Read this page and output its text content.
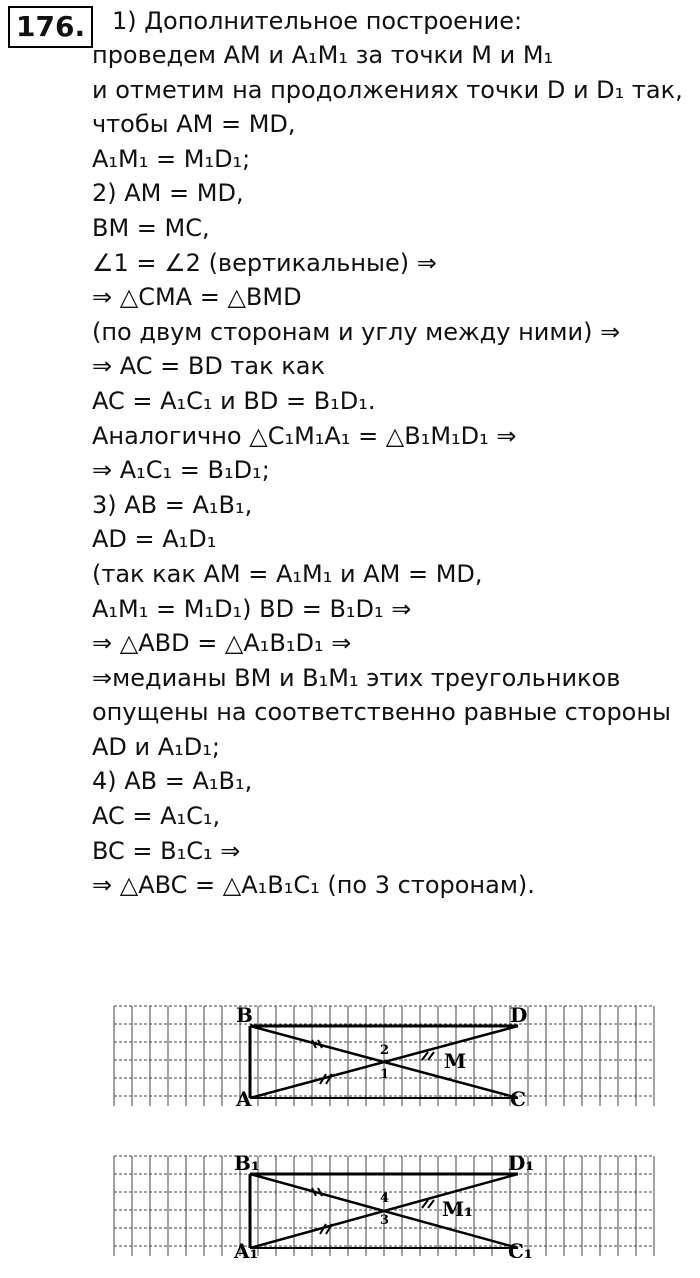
176.	1) Дополнительное построение:
проведем AM и A₁M₁ за точки M и M₁
и отметим на продолжениях точки D и D₁ так,
чтобы AM = MD,
A₁M₁ = M₁D₁;
2) AM = MD,
BM = MC,
∠1 = ∠2 (вертикальные) ⇒
⇒ △CMA = △BMD
(по двум сторонам и углу между ними) ⇒
⇒ AC = BD так как
AC = A₁C₁ и BD = B₁D₁.
Аналогично △C₁M₁A₁ = △B₁M₁D₁ ⇒
⇒ A₁C₁ = B₁D₁;
3) AB = A₁B₁,
AD = A₁D₁
(так как AM = A₁M₁ и AM = MD,
A₁M₁ = M₁D₁) BD = B₁D₁ ⇒
⇒ △ABD = △A₁B₁D₁ ⇒
⇒медианы BM и B₁M₁ этих треугольников
опущены на соответственно равные стороны
AD и A₁D₁;
4) AB = A₁B₁,
AC = A₁C₁,
BC = B₁C₁ ⇒
⇒ △ABC = △A₁B₁C₁ (по 3 сторонам).
B	D
A	C
M
2
1
B₁	D₁
A₁	C₁
M₁
4
3
